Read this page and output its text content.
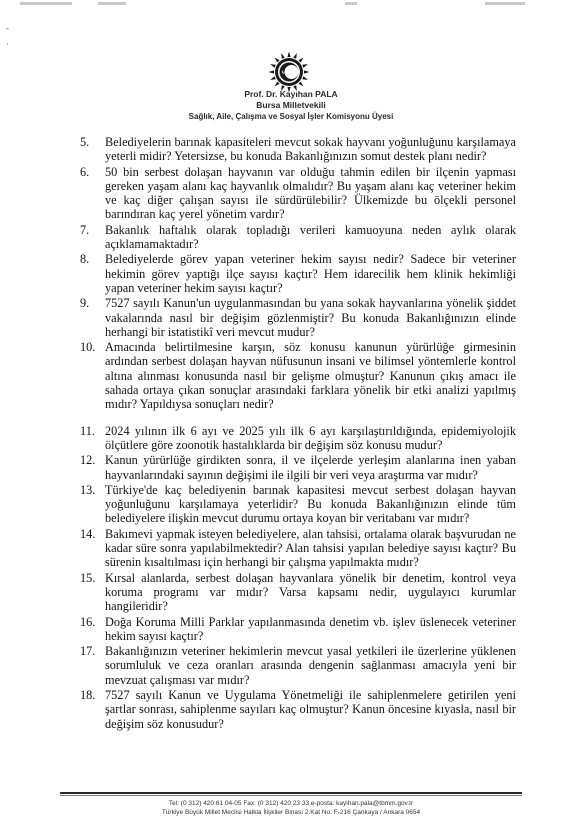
-
·
Prof. Dr. Kayıhan PALA
Bursa Milletvekili
Sağlık, Aile, Çalışma ve Sosyal İşler Komisyonu Üyesi
5. Belediyelerin barınak kapasiteleri mevcut sokak hayvanı yoğunluğunu karşılamaya yeterli midir? Yetersizse, bu konuda Bakanlığınızın somut destek planı nedir?
6. 50 bin serbest dolaşan hayvanın var olduğu tahmin edilen bir ilçenin yapması gereken yaşam alanı kaç hayvanlık olmalıdır? Bu yaşam alanı kaç veteriner hekim ve kaç diğer çalışan sayısı ile sürdürülebilir? Ülkemizde bu ölçekli personel barındıran kaç yerel yönetim vardır?
7. Bakanlık haftalık olarak topladığı verileri kamuoyuna neden aylık olarak açıklamamaktadır?
8. Belediyelerde görev yapan veteriner hekim sayısı nedir? Sadece bir veteriner hekimin görev yaptığı ilçe sayısı kaçtır? Hem idarecilik hem klinik hekimliği yapan veteriner hekim sayısı kaçtır?
9. 7527 sayılı Kanun'un uygulanmasından bu yana sokak hayvanlarına yönelik şiddet vakalarında nasıl bir değişim gözlenmiştir? Bu konuda Bakanlığınızın elinde herhangi bir istatistikî veri mevcut mudur?
10. Amacında belirtilmesine karşın, söz konusu kanunun yürürlüğe girmesinin ardından serbest dolaşan hayvan nüfusunun insani ve bilimsel yöntemlerle kontrol altına alınması konusunda nasıl bir gelişme olmuştur? Kanunun çıkış amacı ile sahada ortaya çıkan sonuçlar arasındaki farklara yönelik bir etki analizi yapılmış mıdır? Yapıldıysa sonuçları nedir?
11. 2024 yılının ilk 6 ayı ve 2025 yılı ilk 6 ayı karşılaştırıldığında, epidemiyolojik ölçütlere göre zoonotik hastalıklarda bir değişim söz konusu mudur?
12. Kanun yürürlüğe girdikten sonra, il ve ilçelerde yerleşim alanlarına inen yaban hayvanlarındaki sayının değişimi ile ilgili bir veri veya araştırma var mıdır?
13. Türkiye'de kaç belediyenin barınak kapasitesi mevcut serbest dolaşan hayvan yoğunluğunu karşılamaya yeterlidir? Bu konuda Bakanlığınızın elinde tüm belediyelere ilişkin mevcut durumu ortaya koyan bir veritabanı var mıdır?
14. Bakımevi yapmak isteyen belediyelere, alan tahsisi, ortalama olarak başvurudan ne kadar süre sonra yapılabilmektedir? Alan tahsisi yapılan belediye sayısı kaçtır? Bu sürenin kısaltılması için herhangi bir çalışma yapılmakta mıdır?
15. Kırsal alanlarda, serbest dolaşan hayvanlara yönelik bir denetim, kontrol veya koruma programı var mıdır? Varsa kapsamı nedir, uygulayıcı kurumlar hangileridir?
16. Doğa Koruma Milli Parklar yapılanmasında denetim vb. işlev üslenecek veteriner hekim sayısı kaçtır?
17. Bakanlığınızın veteriner hekimlerin mevcut yasal yetkileri ile üzerlerine yüklenen sorumluluk ve ceza oranları arasında dengenin sağlanması amacıyla yeni bir mevzuat çalışması var mıdır?
18. 7527 sayılı Kanun ve Uygulama Yönetmeliği ile sahiplenmelere getirilen yeni şartlar sonrası, sahiplenme sayıları kaç olmuştur? Kanun öncesine kıyasla, nasıl bir değişim söz konusudur?
Tel: (0 312) 420 61 04-05 Fax: (0 312) 420 23 33 e-posta: kayihan.pala@tbmm.gov.tr
Türkiye Büyük Millet Meclisi Halkla İlişkiler Binası 2.Kat No: F-216 Çankaya / Ankara 0654
